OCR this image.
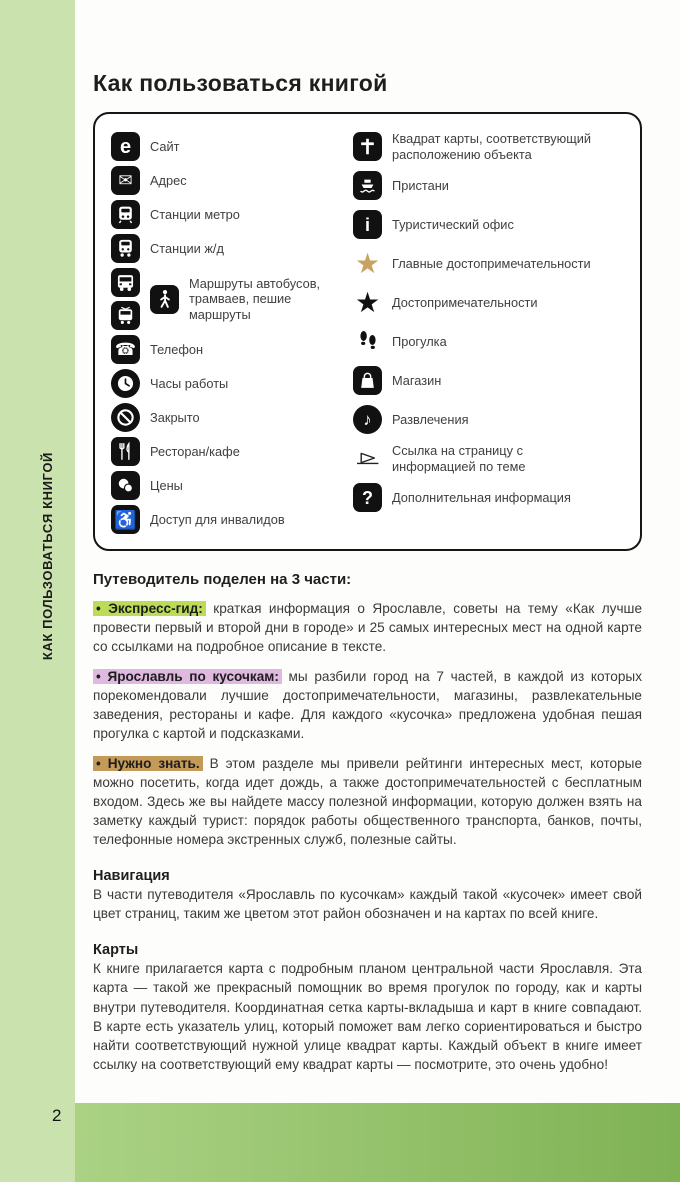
КАК ПОЛЬЗОВАТЬСЯ КНИГОЙ
2
Как пользоваться книгой
e Сайт
✉ Адрес
Станции метро
Станции ж/д
Маршруты автобусов, трамваев, пешие маршруты
☎ Телефон
Часы работы
Закрыто
Ресторан/кафе
Цены
♿ Доступ для инвалидов
Квадрат карты, соответствующий расположению объекта
Пристани
i Туристический офис
★ Главные достопримечательности
★ Достопримечательности
Прогулка
Магазин
♪ Развлечения
Ссылка на страницу с информацией по теме
? Дополнительная информация
Путеводитель поделен на 3 части:

• Экспресс-гид: краткая информация о Ярославле, советы на тему «Как лучше провести первый и второй дни в городе» и 25 самых интересных мест на одной карте со ссылками на подробное описание в тексте.

• Ярославль по кусочкам: мы разбили город на 7 частей, в каждой из которых порекомендовали лучшие достопримечательности, магазины, развлекательные заведения, рестораны и кафе. Для каждого «кусочка» предложена удобная пешая прогулка с картой и подсказками.

• Нужно знать. В этом разделе мы привели рейтинги интересных мест, которые можно посетить, когда идет дождь, а также достопримечательностей с бесплатным входом. Здесь же вы найдете массу полезной информации, которую должен взять на заметку каждый турист: порядок работы общественного транспорта, банков, почты, телефонные номера экстренных служб, полезные сайты.

Навигация

В части путеводителя «Ярославль по кусочкам» каждый такой «кусочек» имеет свой цвет страниц, таким же цветом этот район обозначен и на картах по всей книге.

Карты

К книге прилагается карта с подробным планом центральной части Ярославля. Эта карта — такой же прекрасный помощник во время прогулок по городу, как и карты внутри путеводителя. Координатная сетка карты-вкладыша и карт в книге совпадают. В карте есть указатель улиц, который поможет вам легко сориентироваться и быстро найти соответствующий нужной улице квадрат карты. Каждый объект в книге имеет ссылку на соответствующий ему квадрат карты — посмотрите, это очень удобно!
